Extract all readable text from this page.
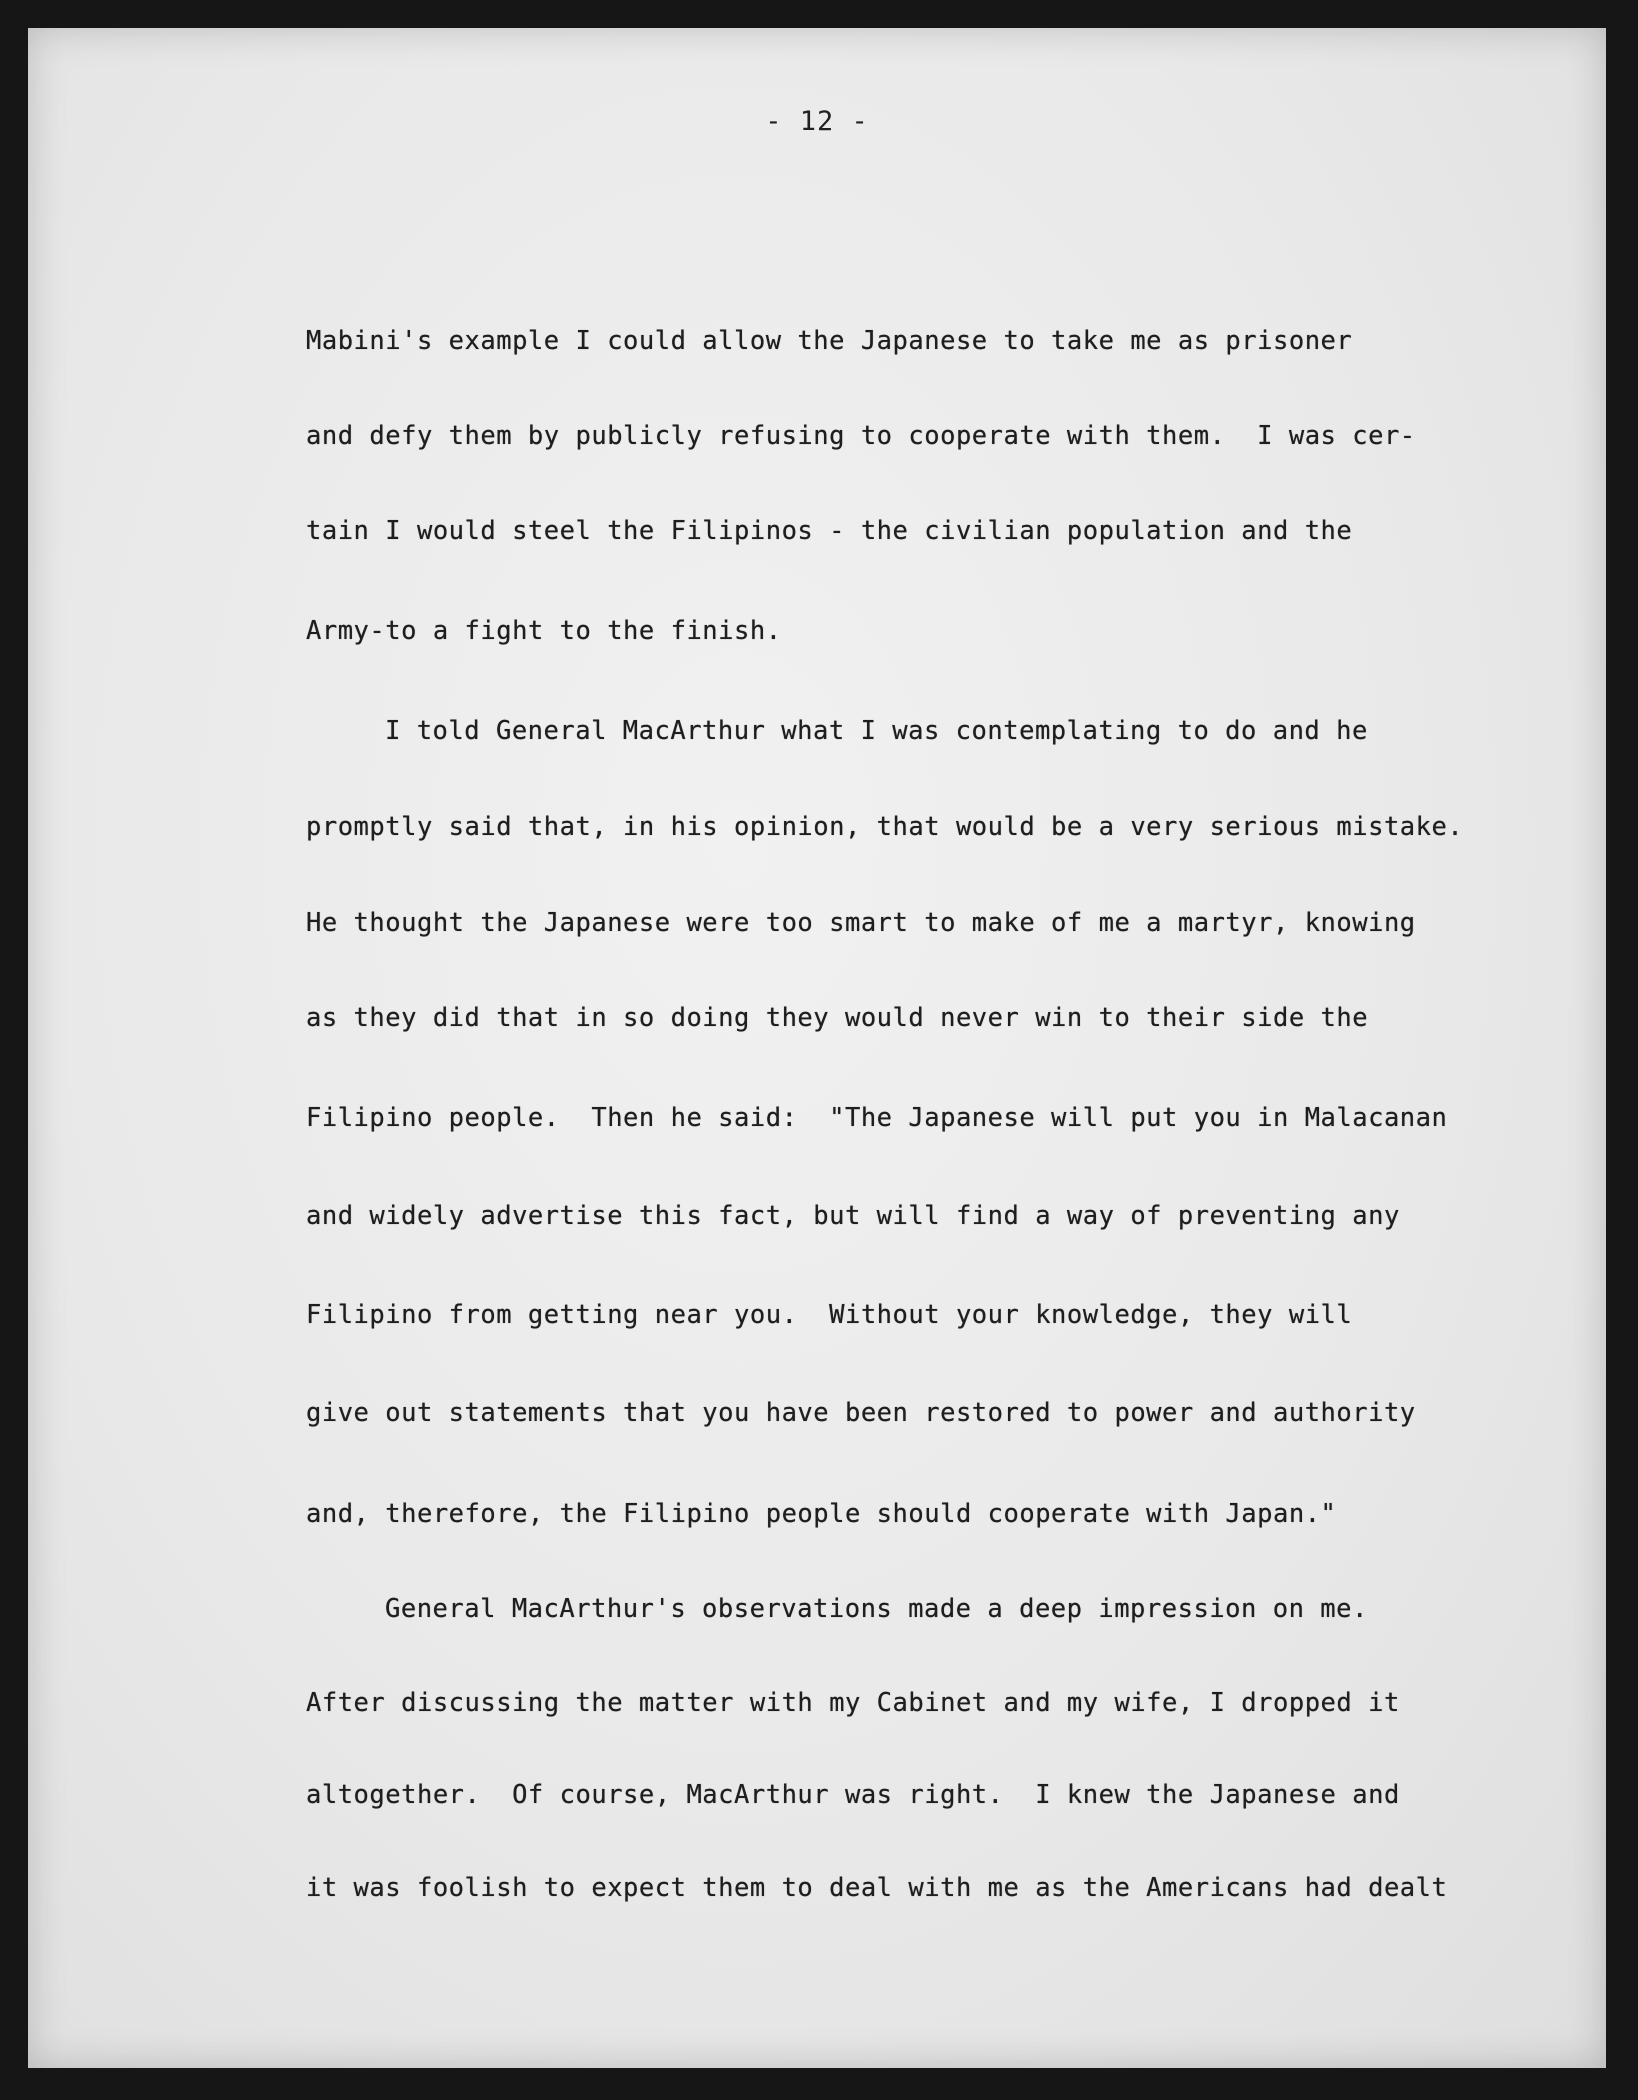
- 12 -
Mabini's example I could allow the Japanese to take me as prisoner
and defy them by publicly refusing to cooperate with them.  I was cer-
tain I would steel the Filipinos - the civilian population and the
Army-to a fight to the finish.
I told General MacArthur what I was contemplating to do and he
promptly said that, in his opinion, that would be a very serious mistake.
He thought the Japanese were too smart to make of me a martyr, knowing
as they did that in so doing they would never win to their side the
Filipino people.  Then he said:  "The Japanese will put you in Malacanan
and widely advertise this fact, but will find a way of preventing any
Filipino from getting near you.  Without your knowledge, they will
give out statements that you have been restored to power and authority
and, therefore, the Filipino people should cooperate with Japan."
General MacArthur's observations made a deep impression on me.
After discussing the matter with my Cabinet and my wife, I dropped it
altogether.  Of course, MacArthur was right.  I knew the Japanese and
it was foolish to expect them to deal with me as the Americans had dealt
